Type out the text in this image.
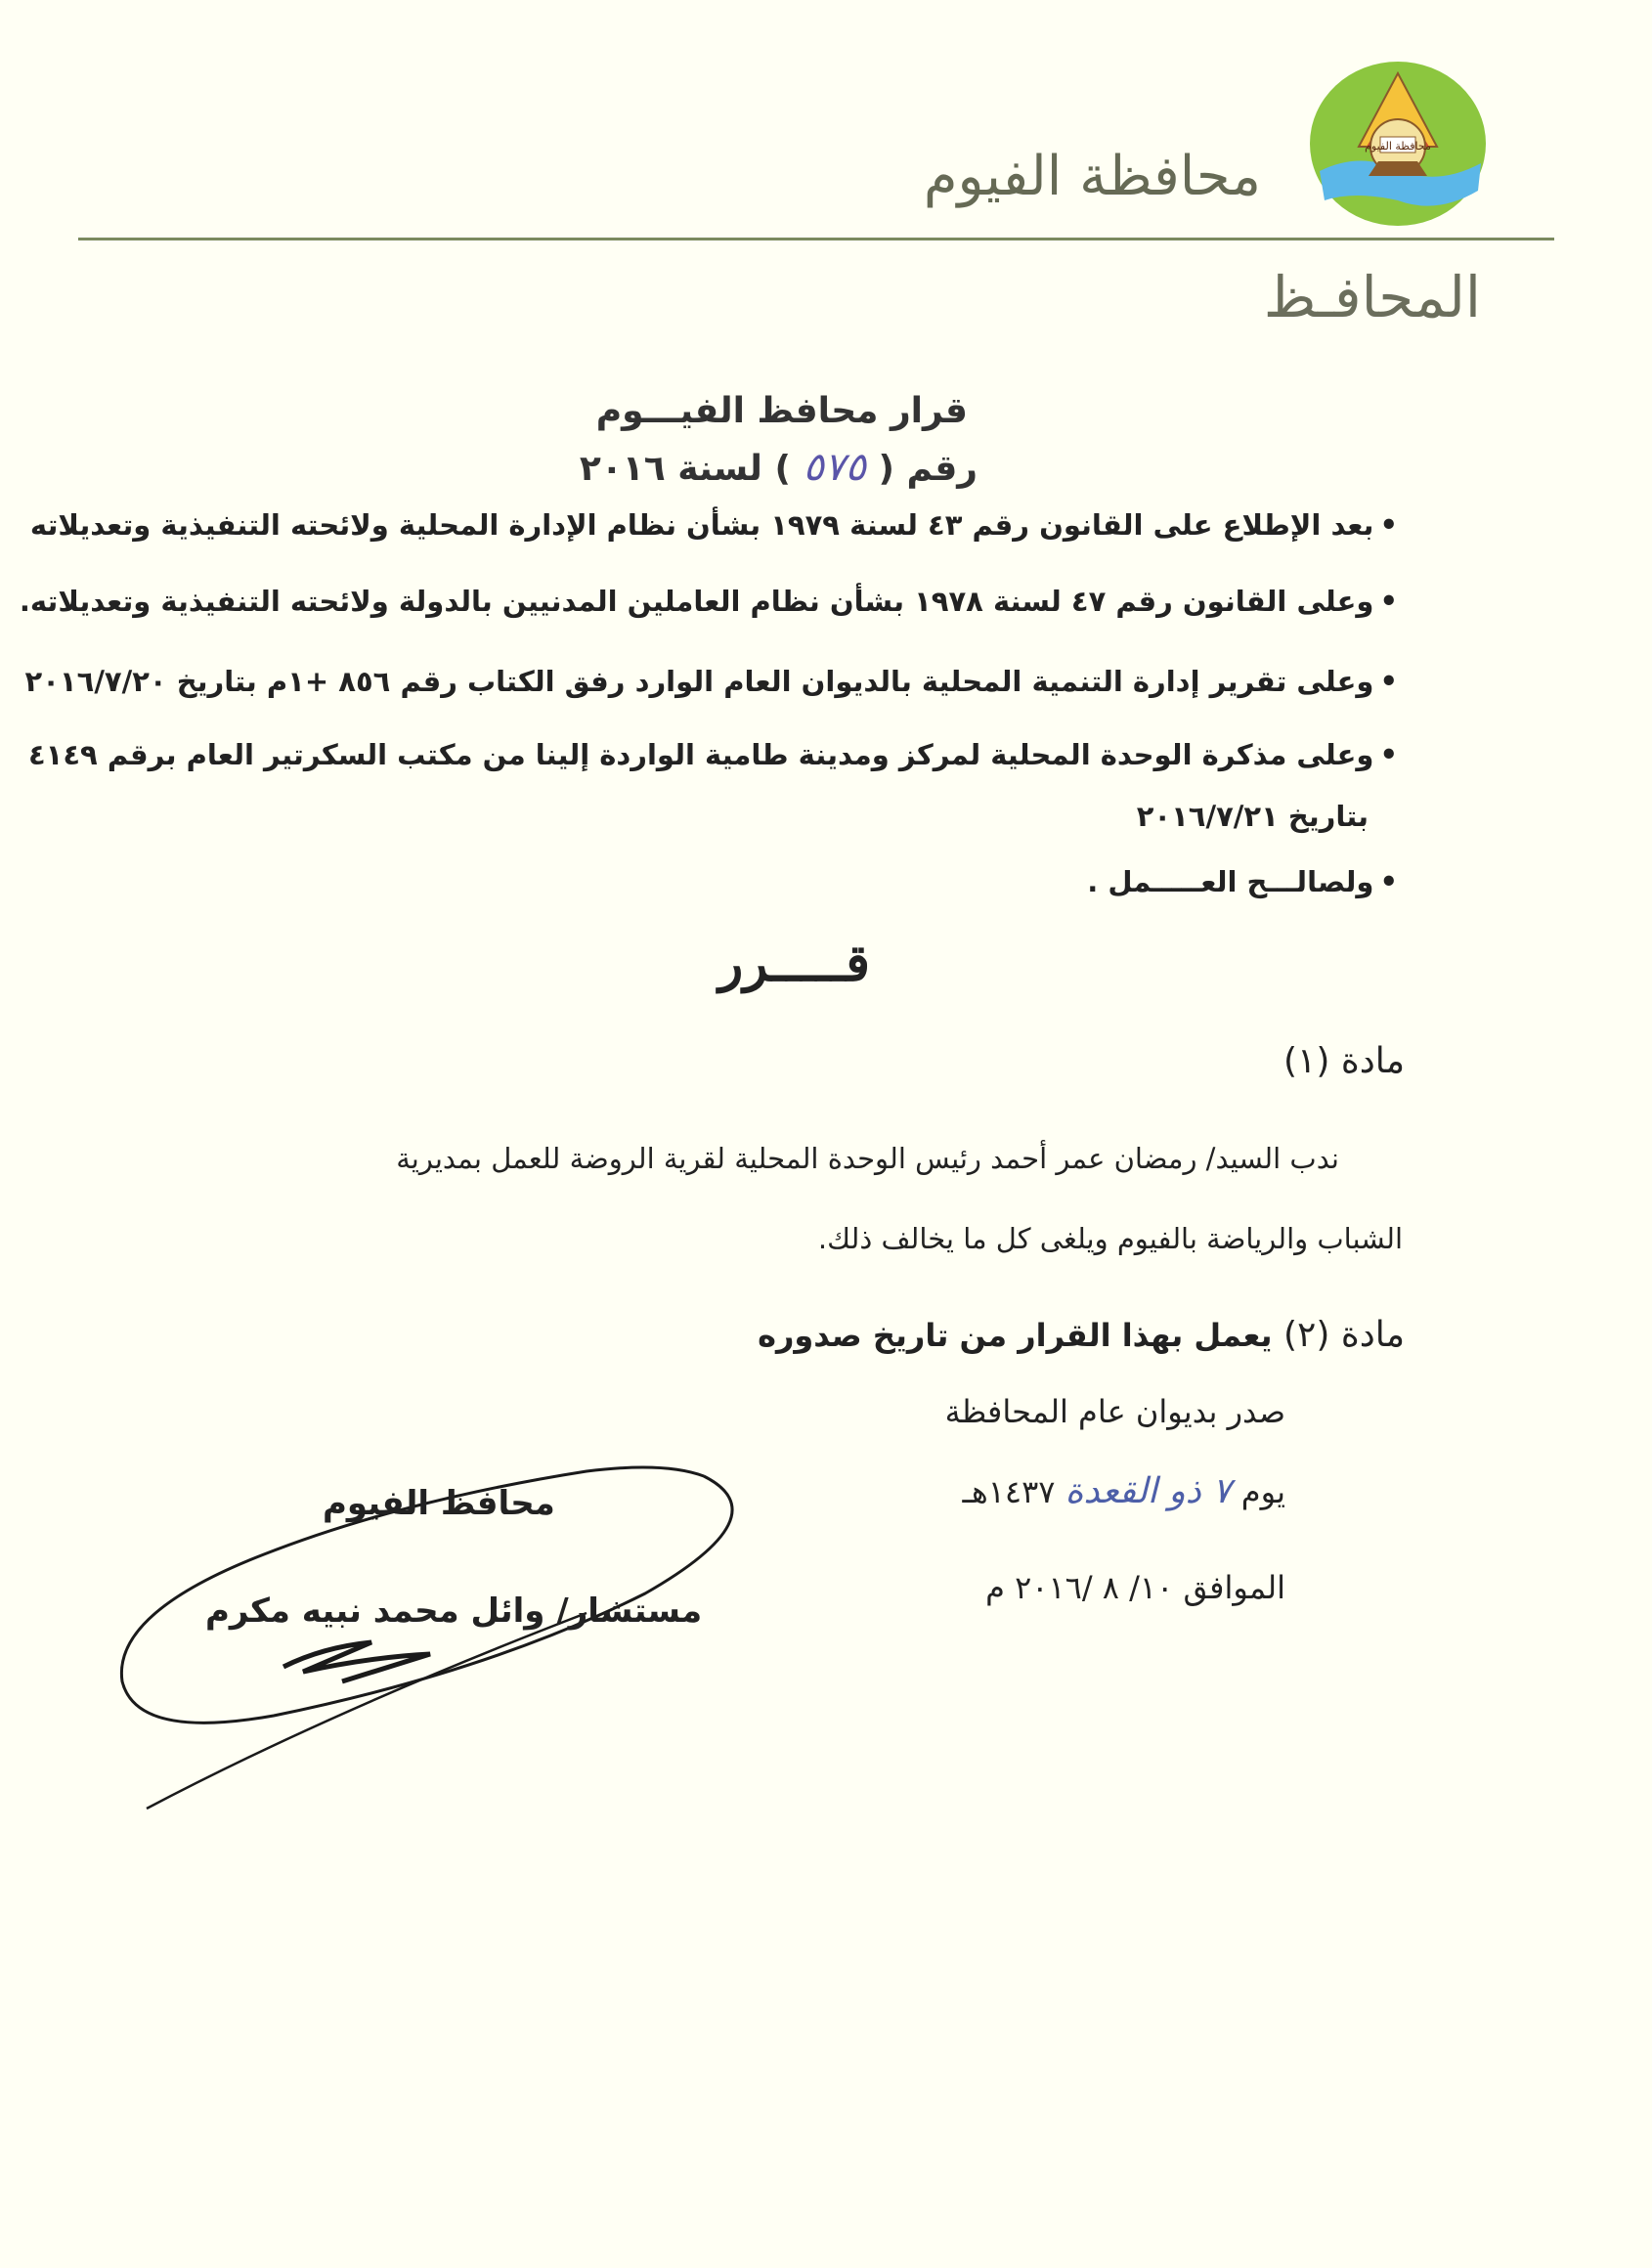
محافظة الفيوم
محافظة الفيوم
المحافـظ
قرار محافظ الفيـــوم
رقم ( ٥٧٥ ) لسنة ٢٠١٦
•بعد الإطلاع على القانون رقم ٤٣ لسنة ١٩٧٩ بشأن نظام الإدارة المحلية ولائحته التنفيذية وتعديلاته
•وعلى القانون رقم ٤٧ لسنة ١٩٧٨ بشأن نظام العاملين المدنيين بالدولة ولائحته التنفيذية وتعديلاته.
•وعلى تقرير إدارة التنمية المحلية بالديوان العام الوارد رفق الكتاب رقم ٨٥٦ +١م بتاريخ ٢٠١٦/٧/٢٠
•وعلى مذكرة الوحدة المحلية لمركز ومدينة طامية الواردة إلينا من مكتب السكرتير العام برقم ٤١٤٩
بتاريخ ٢٠١٦/٧/٢١
•ولصالـــح العـــــمل .
قـــــرر
مادة (١)
ندب السيد/ رمضان عمر أحمد رئيس الوحدة المحلية لقرية الروضة للعمل بمديرية
الشباب والرياضة بالفيوم ويلغى كل ما يخالف ذلك.
مادة (٢) يعمل بهذا القرار من تاريخ صدوره
صدر بديوان عام المحافظة
يوم ٧ ذو القعدة ١٤٣٧هـ
الموافق ١٠/ ٨ /٢٠١٦ م
محافظ الفيوم
مستشار/ وائل محمد نبيه مكرم
